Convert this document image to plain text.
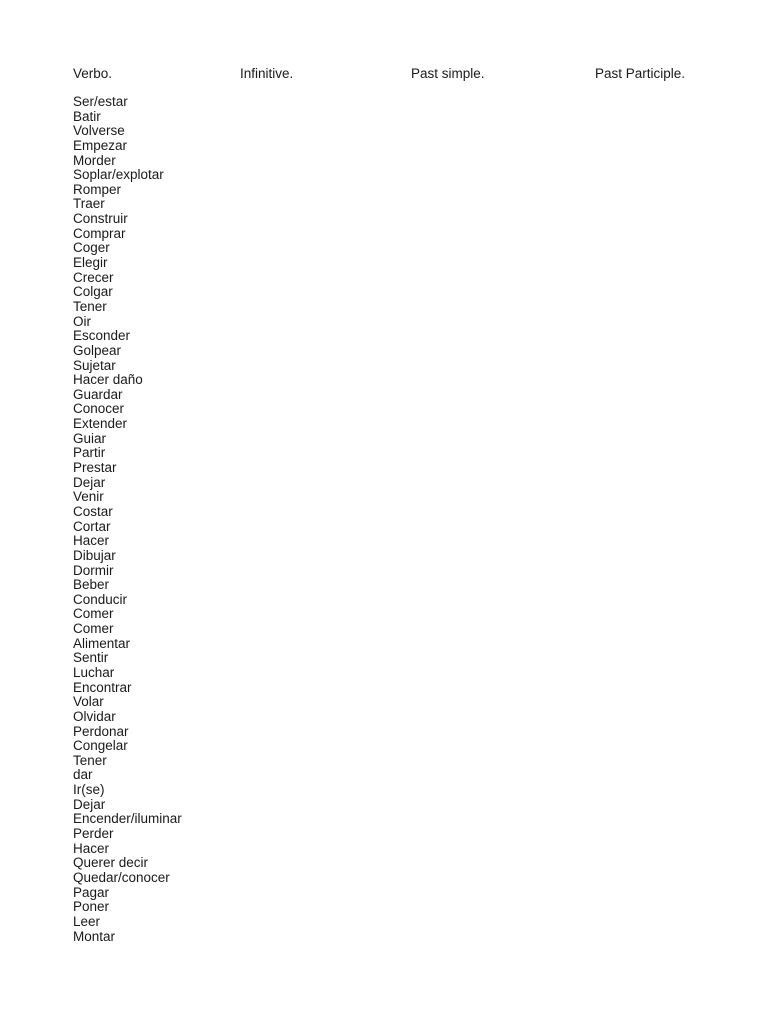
Verbo.	Infinitive.	Past simple.	Past Participle.
Ser/estar
Batir
Volverse
Empezar
Morder
Soplar/explotar
Romper
Traer
Construir
Comprar
Coger
Elegir
Crecer
Colgar
Tener
Oir
Esconder
Golpear
Sujetar
Hacer daño
Guardar
Conocer
Extender
Guiar
Partir
Prestar
Dejar
Venir
Costar
Cortar
Hacer
Dibujar
Dormir
Beber
Conducir
Comer
Comer
Alimentar
Sentir
Luchar
Encontrar
Volar
Olvidar
Perdonar
Congelar
Tener
dar
Ir(se)
Dejar
Encender/iluminar
Perder
Hacer
Querer decir
Quedar/conocer
Pagar
Poner
Leer
Montar
